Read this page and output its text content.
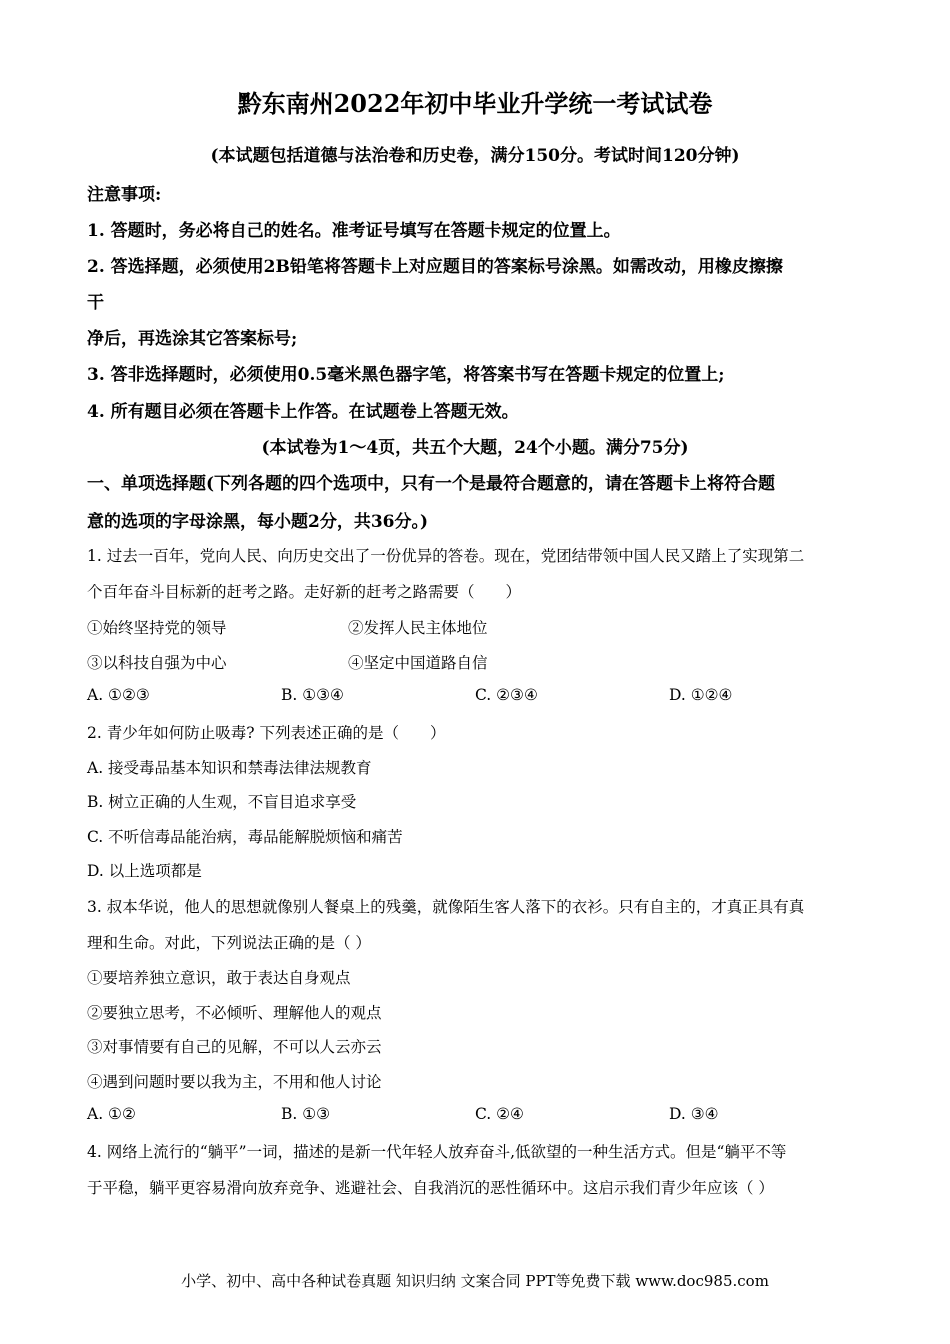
黔东南州2022年初中毕业升学统一考试试卷
(本试题包括道德与法治卷和历史卷，满分150分。考试时间120分钟)
注意事项:
1. 答题时，务必将自己的姓名。准考证号填写在答题卡规定的位置上。
2. 答选择题，必须使用2B铅笔将答题卡上对应题目的答案标号涂黑。如需改动，用橡皮擦擦
干
净后，再选涂其它答案标号;
3. 答非选择题时，必须使用0.5毫米黑色器字笔，将答案书写在答题卡规定的位置上;
4. 所有题目必须在答题卡上作答。在试题卷上答题无效。
(本试卷为1～4页，共五个大题，24个小题。满分75分)
一、单项选择题(下列各题的四个选项中，只有一个是最符合题意的，请在答题卡上将符合题
意的选项的字母涂黑，每小题2分，共36分。)
1. 过去一百年，党向人民、向历史交出了一份优异的答卷。现在，党团结带领中国人民又踏上了实现第二
个百年奋斗目标新的赶考之路。走好新的赶考之路需要（　　）
①始终坚持党的领导	②发挥人民主体地位
③以科技自强为中心	④坚定中国道路自信
A. ①②③	B. ①③④	C. ②③④	D. ①②④
2. 青少年如何防止吸毒? 下列表述正确的是（　　）
A. 接受毒品基本知识和禁毒法律法规教育
B. 树立正确的人生观，不盲目追求享受
C. 不听信毒品能治病，毒品能解脱烦恼和痛苦
D. 以上选项都是
3. 叔本华说，他人的思想就像别人餐桌上的残羹，就像陌生客人落下的衣衫。只有自主的，才真正具有真
理和生命。对此，下列说法正确的是（ ）
①要培养独立意识，敢于表达自身观点
②要独立思考，不必倾听、理解他人的观点
③对事情要有自己的见解，不可以人云亦云
④遇到问题时要以我为主，不用和他人讨论
A. ①②	B. ①③	C. ②④	D. ③④
4. 网络上流行的“躺平”一词，描述的是新一代年轻人放弃奋斗,低欲望的一种生活方式。但是“躺平不等
于平稳，躺平更容易滑向放弃竞争、逃避社会、自我消沉的恶性循环中。这启示我们青少年应该（ ）
小学、初中、高中各种试卷真题 知识归纳 文案合同 PPT等免费下载 www.doc985.com
